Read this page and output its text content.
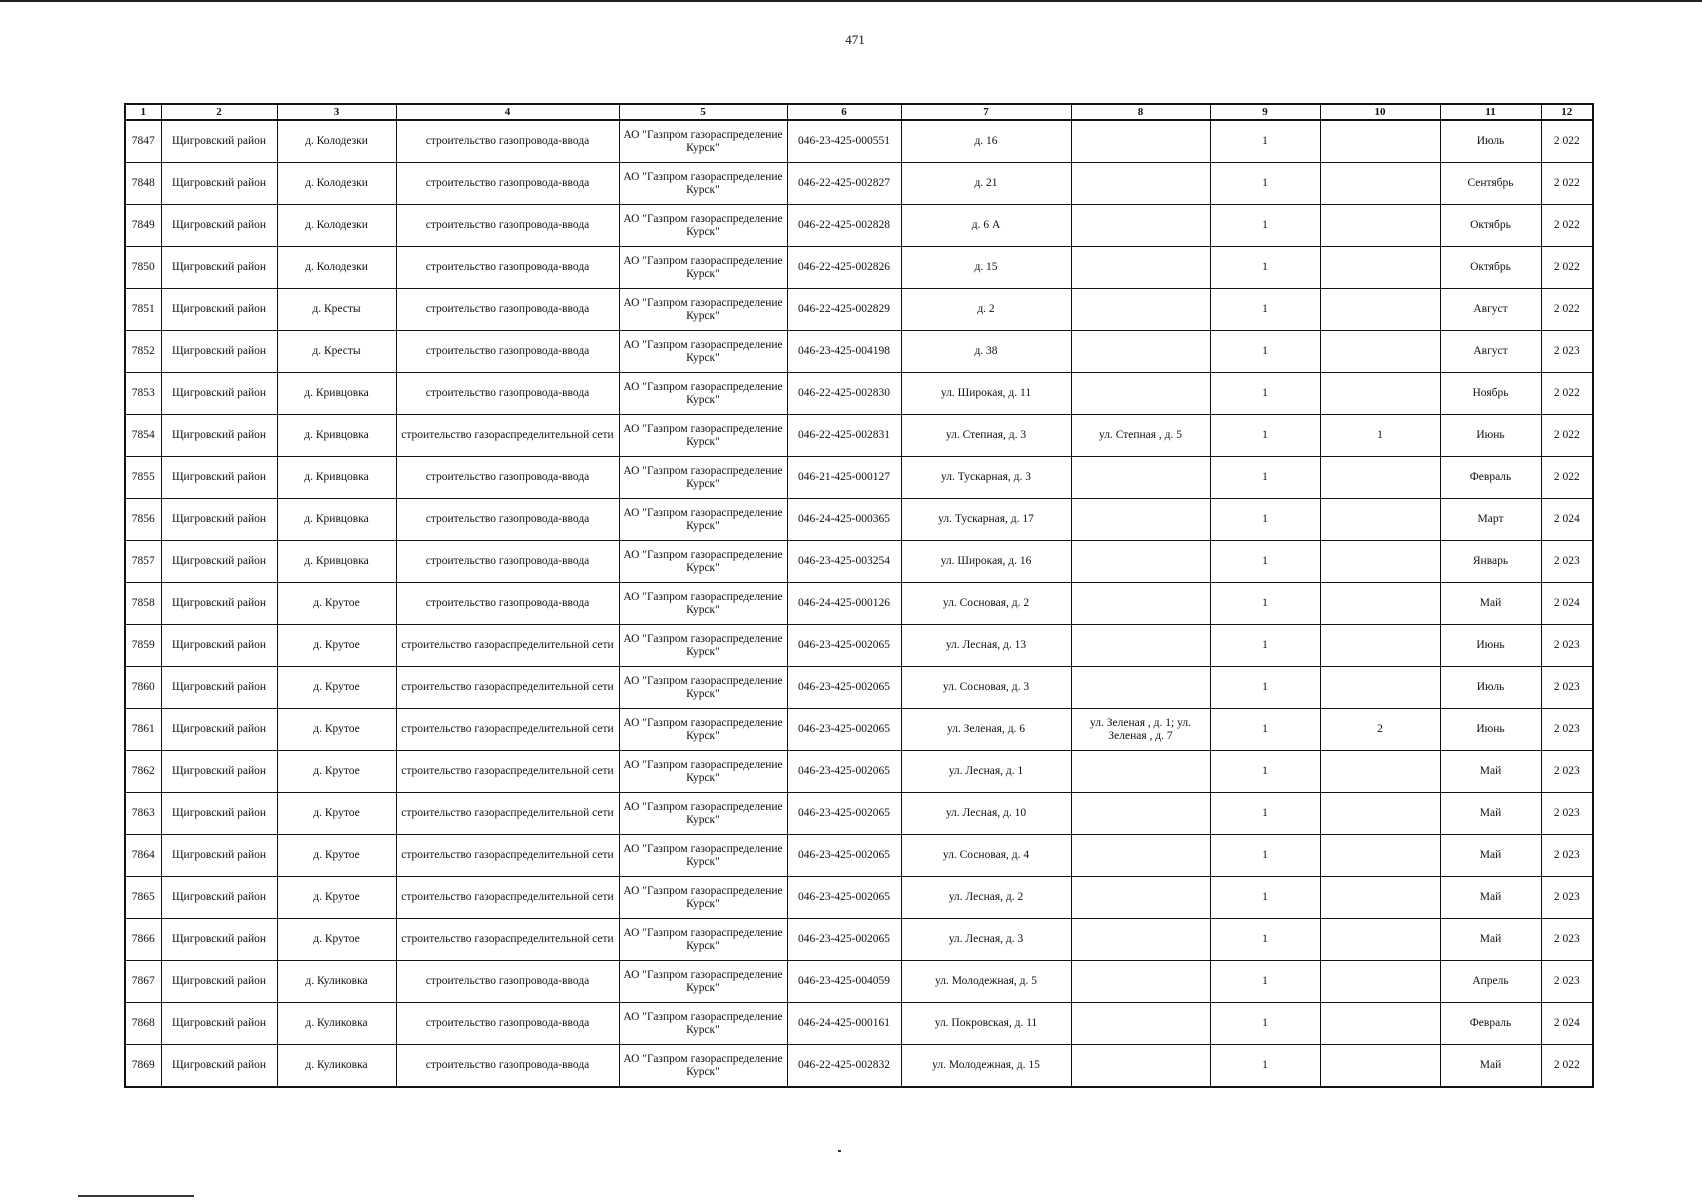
471
1	2	3	4	5	6	7	8	9	10	11	12
7847	Щигровский район	д. Колодезки	строительство газопровода-ввода	АО "Газпром газораспределение Курск"	046-23-425-000551	д. 16		1		Июль	2 022
7848	Щигровский район	д. Колодезки	строительство газопровода-ввода	АО "Газпром газораспределение Курск"	046-22-425-002827	д. 21		1		Сентябрь	2 022
7849	Щигровский район	д. Колодезки	строительство газопровода-ввода	АО "Газпром газораспределение Курск"	046-22-425-002828	д. 6 А		1		Октябрь	2 022
7850	Щигровский район	д. Колодезки	строительство газопровода-ввода	АО "Газпром газораспределение Курск"	046-22-425-002826	д. 15		1		Октябрь	2 022
7851	Щигровский район	д. Кресты	строительство газопровода-ввода	АО "Газпром газораспределение Курск"	046-22-425-002829	д. 2		1		Август	2 022
7852	Щигровский район	д. Кресты	строительство газопровода-ввода	АО "Газпром газораспределение Курск"	046-23-425-004198	д. 38		1		Август	2 023
7853	Щигровский район	д. Кривцовка	строительство газопровода-ввода	АО "Газпром газораспределение Курск"	046-22-425-002830	ул. Широкая, д. 11		1		Ноябрь	2 022
7854	Щигровский район	д. Кривцовка	строительство газораспределительной сети	АО "Газпром газораспределение Курск"	046-22-425-002831	ул. Степная, д. 3	ул. Степная , д. 5	1	1	Июнь	2 022
7855	Щигровский район	д. Кривцовка	строительство газопровода-ввода	АО "Газпром газораспределение Курск"	046-21-425-000127	ул. Тускарная, д. 3		1		Февраль	2 022
7856	Щигровский район	д. Кривцовка	строительство газопровода-ввода	АО "Газпром газораспределение Курск"	046-24-425-000365	ул. Тускарная, д. 17		1		Март	2 024
7857	Щигровский район	д. Кривцовка	строительство газопровода-ввода	АО "Газпром газораспределение Курск"	046-23-425-003254	ул. Широкая, д. 16		1		Январь	2 023
7858	Щигровский район	д. Крутое	строительство газопровода-ввода	АО "Газпром газораспределение Курск"	046-24-425-000126	ул. Сосновая, д. 2		1		Май	2 024
7859	Щигровский район	д. Крутое	строительство газораспределительной сети	АО "Газпром газораспределение Курск"	046-23-425-002065	ул. Лесная, д. 13		1		Июнь	2 023
7860	Щигровский район	д. Крутое	строительство газораспределительной сети	АО "Газпром газораспределение Курск"	046-23-425-002065	ул. Сосновая, д. 3		1		Июль	2 023
7861	Щигровский район	д. Крутое	строительство газораспределительной сети	АО "Газпром газораспределение Курск"	046-23-425-002065	ул. Зеленая, д. 6	ул. Зеленая , д. 1; ул. Зеленая , д. 7	1	2	Июнь	2 023
7862	Щигровский район	д. Крутое	строительство газораспределительной сети	АО "Газпром газораспределение Курск"	046-23-425-002065	ул. Лесная, д. 1		1		Май	2 023
7863	Щигровский район	д. Крутое	строительство газораспределительной сети	АО "Газпром газораспределение Курск"	046-23-425-002065	ул. Лесная, д. 10		1		Май	2 023
7864	Щигровский район	д. Крутое	строительство газораспределительной сети	АО "Газпром газораспределение Курск"	046-23-425-002065	ул. Сосновая, д. 4		1		Май	2 023
7865	Щигровский район	д. Крутое	строительство газораспределительной сети	АО "Газпром газораспределение Курск"	046-23-425-002065	ул. Лесная, д. 2		1		Май	2 023
7866	Щигровский район	д. Крутое	строительство газораспределительной сети	АО "Газпром газораспределение Курск"	046-23-425-002065	ул. Лесная, д. 3		1		Май	2 023
7867	Щигровский район	д. Куликовка	строительство газопровода-ввода	АО "Газпром газораспределение Курск"	046-23-425-004059	ул. Молодежная, д. 5		1		Апрель	2 023
7868	Щигровский район	д. Куликовка	строительство газопровода-ввода	АО "Газпром газораспределение Курск"	046-24-425-000161	ул. Покровская, д. 11		1		Февраль	2 024
7869	Щигровский район	д. Куликовка	строительство газопровода-ввода	АО "Газпром газораспределение Курск"	046-22-425-002832	ул. Молодежная, д. 15		1		Май	2 022
